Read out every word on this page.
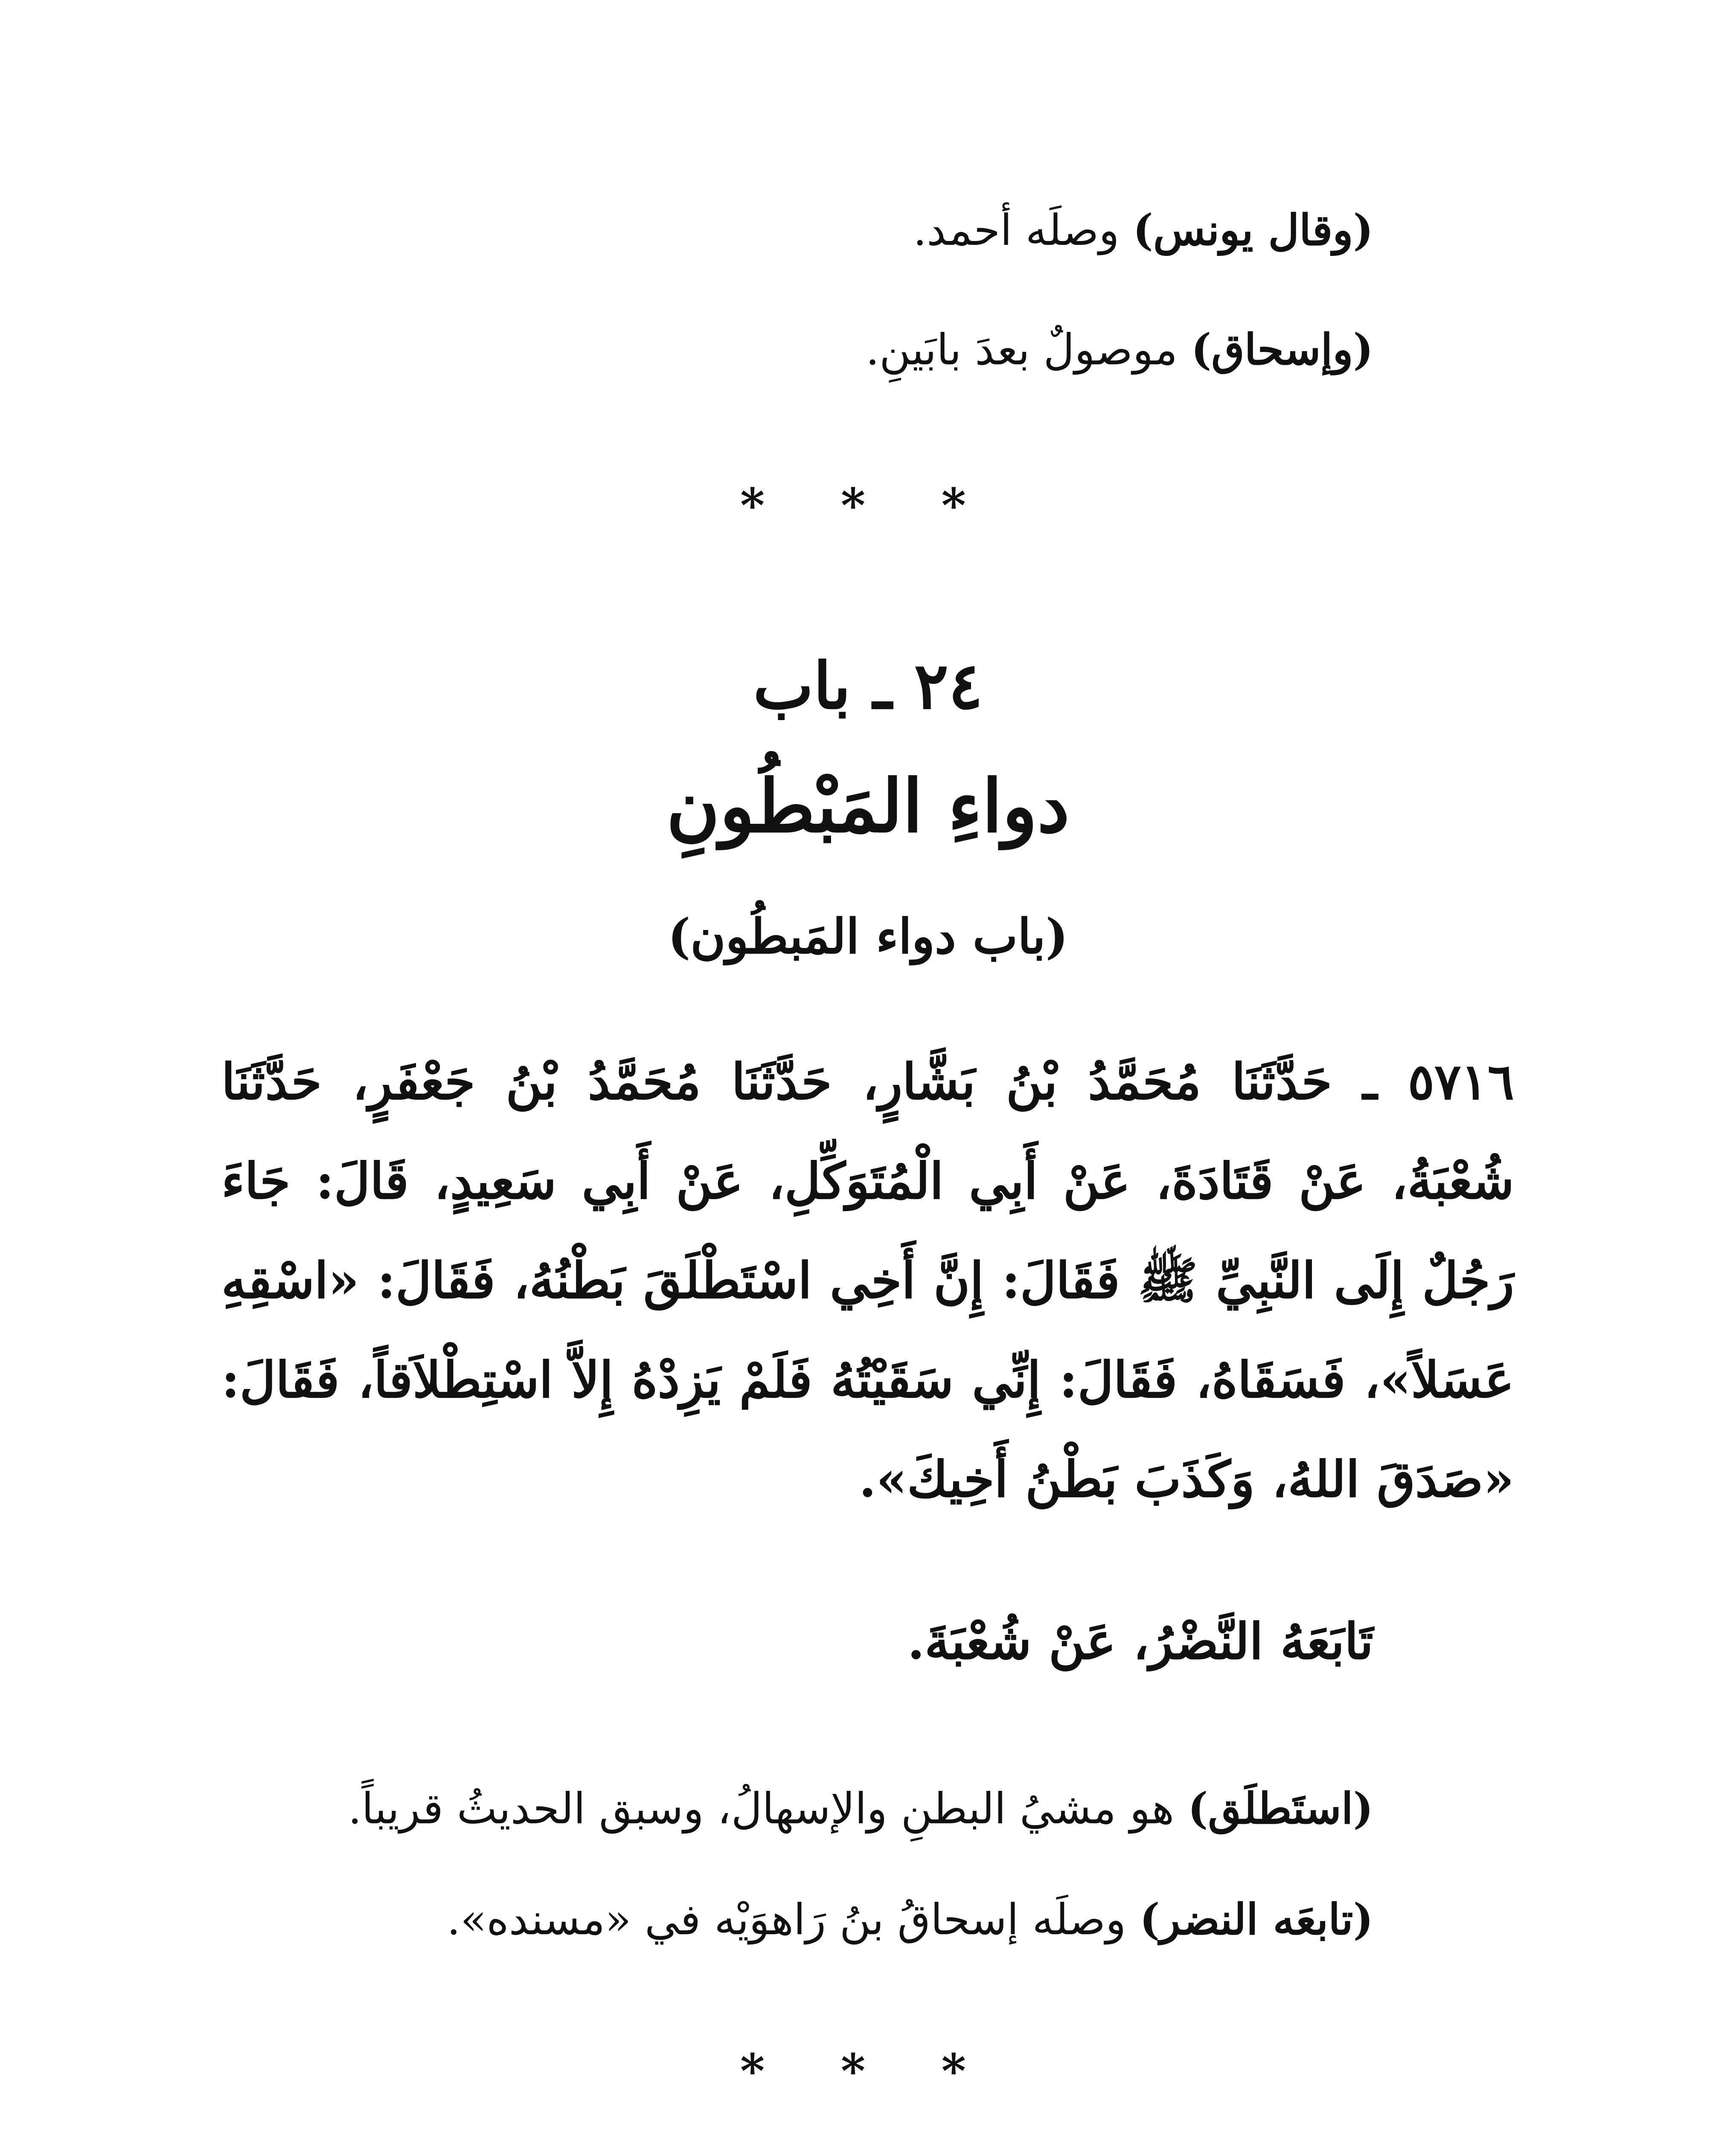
(وقال يونس) وصلَه أحمد.
(وإسحاق) موصولٌ بعدَ بابَينِ.
* * *
٢٤ ـ باب
دواءِ المَبْطُونِ
(باب دواء المَبطُون)
٥٧١٦ ـ حَدَّثَنَا مُحَمَّدُ بْنُ بَشَّارٍ، حَدَّثَنَا مُحَمَّدُ بْنُ جَعْفَرٍ، حَدَّثَنَا شُعْبَةُ، عَنْ قَتَادَةَ، عَنْ أَبِي الْمُتَوَكِّلِ، عَنْ أَبِي سَعِيدٍ، قَالَ: جَاءَ رَجُلٌ إِلَى النَّبِيِّ ﷺ فَقَالَ: إِنَّ أَخِي اسْتَطْلَقَ بَطْنُهُ، فَقَالَ: «اسْقِهِ عَسَلاً»، فَسَقَاهُ، فَقَالَ: إِنِّي سَقَيْتُهُ فَلَمْ يَزِدْهُ إِلاَّ اسْتِطْلاَقاً، فَقَالَ: «صَدَقَ اللهُ، وَكَذَبَ بَطْنُ أَخِيكَ».
تَابَعَهُ النَّضْرُ، عَنْ شُعْبَةَ.
(استَطلَق) هو مشيُ البطنِ والإسهالُ، وسبق الحديثُ قريباً.
(تابعَه النضر) وصلَه إسحاقُ بنُ رَاهوَيْه في «مسنده».
* * *
